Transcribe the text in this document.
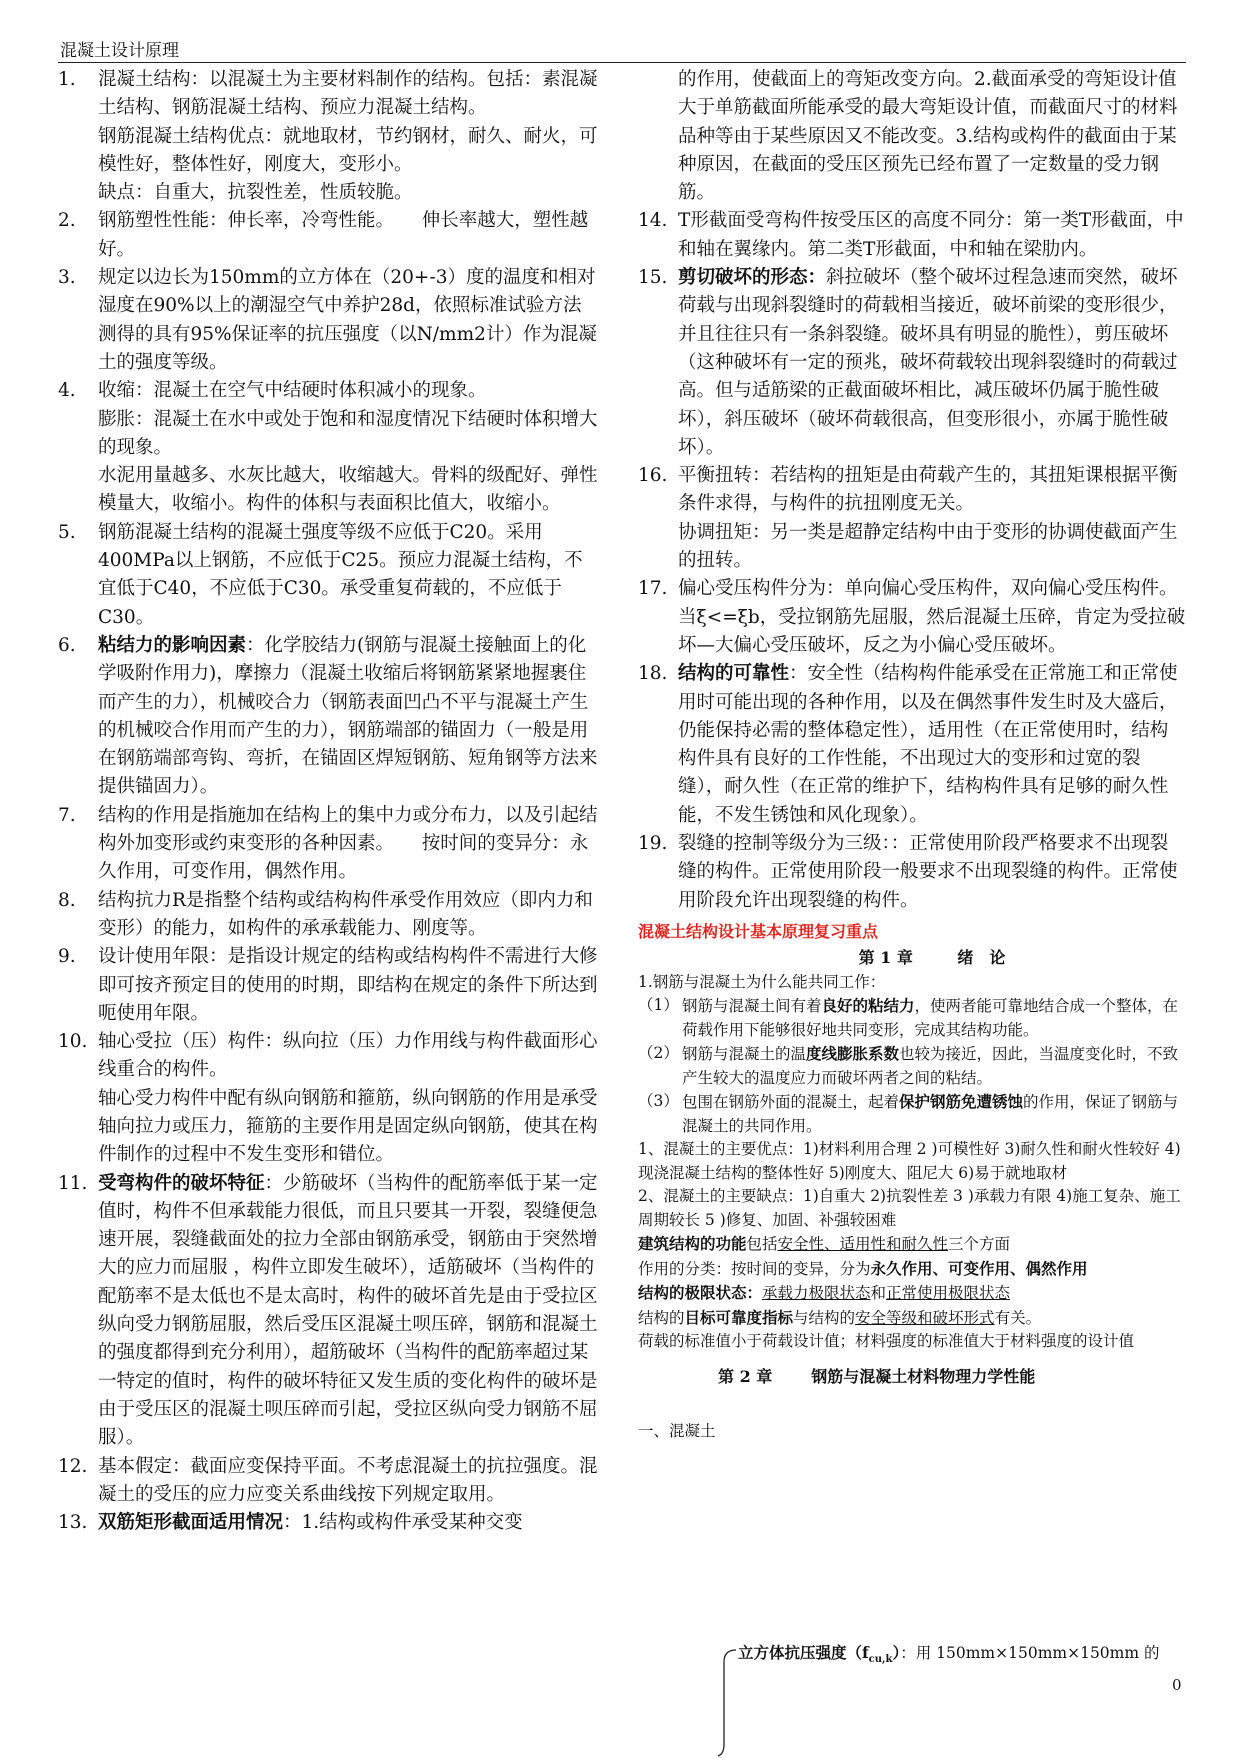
混凝土设计原理
1.	混凝土结构：以混凝土为主要材料制作的结构。包括：素混凝土结构、钢筋混凝土结构、预应力混凝土结构。

钢筋混凝土结构优点：就地取材，节约钢材，耐久、耐火，可模性好，整体性好，刚度大，变形小。

缺点：自重大，抗裂性差，性质较脆。

2.	钢筋塑性性能：伸长率，冷弯性能。　　伸长率越大，塑性越好。

3.	规定以边长为150mm的立方体在（20+-3）度的温度和相对湿度在90%以上的潮湿空气中养护28d，依照标准试验方法测得的具有95%保证率的抗压强度（以N/mm2计）作为混凝土的强度等级。

4.	收缩：混凝土在空气中结硬时体积减小的现象。

膨胀：混凝土在水中或处于饱和和湿度情况下结硬时体积增大的现象。

水泥用量越多、水灰比越大，收缩越大。骨料的级配好、弹性模量大，收缩小。构件的体积与表面积比值大，收缩小。

5.	钢筋混凝土结构的混凝土强度等级不应低于C20。采用400MPa以上钢筋，不应低于C25。预应力混凝土结构，不宜低于C40，不应低于C30。承受重复荷载的，不应低于C30。

6.	粘结力的影响因素：化学胶结力(钢筋与混凝土接触面上的化学吸附作用力)，摩擦力（混凝土收缩后将钢筋紧紧地握裹住而产生的力），机械咬合力（钢筋表面凹凸不平与混凝土产生的机械咬合作用而产生的力），钢筋端部的锚固力（一般是用在钢筋端部弯钩、弯折，在锚固区焊短钢筋、短角钢等方法来提供锚固力）。

7.	结构的作用是指施加在结构上的集中力或分布力，以及引起结构外加变形或约束变形的各种因素。　　按时间的变异分：永久作用，可变作用，偶然作用。

8.	结构抗力R是指整个结构或结构构件承受作用效应（即内力和变形）的能力，如构件的承承载能力、刚度等。

9.	设计使用年限：是指设计规定的结构或结构构件不需进行大修即可按齐预定目的使用的时期，即结构在规定的条件下所达到呃使用年限。

10. 轴心受拉（压）构件：纵向拉（压）力作用线与构件截面形心线重合的构件。

轴心受力构件中配有纵向钢筋和箍筋，纵向钢筋的作用是承受轴向拉力或压力，箍筋的主要作用是固定纵向钢筋，使其在构件制作的过程中不发生变形和错位。

11. 受弯构件的破坏特征：少筋破坏（当构件的配筋率低于某一定值时，构件不但承载能力很低，而且只要其一开裂，裂缝便急速开展，裂缝截面处的拉力全部由钢筋承受，钢筋由于突然增大的应力而屈服 ，构件立即发生破坏），适筋破坏（当构件的配筋率不是太低也不是太高时，构件的破坏首先是由于受拉区纵向受力钢筋屈服，然后受压区混凝土呗压碎，钢筋和混凝土的强度都得到充分利用），超筋破坏（当构件的配筋率超过某一特定的值时，构件的破坏特征又发生质的变化构件的破坏是由于受压区的混凝土呗压碎而引起，受拉区纵向受力钢筋不屈服）。

12. 基本假定：截面应变保持平面。不考虑混凝土的抗拉强度。混凝土的受压的应力应变关系曲线按下列规定取用。

13. 双筋矩形截面适用情况：1.结构或构件承受某种交变

的作用，使截面上的弯矩改变方向。2.截面承受的弯矩设计值大于单筋截面所能承受的最大弯矩设计值，而截面尺寸的材料品种等由于某些原因又不能改变。3.结构或构件的截面由于某种原因，在截面的受压区预先已经布置了一定数量的受力钢筋。
14. T形截面受弯构件按受压区的高度不同分：第一类T形截面，中和轴在翼缘内。第二类T形截面，中和轴在梁肋内。

15. 剪切破坏的形态：斜拉破坏（整个破坏过程急速而突然，破坏荷载与出现斜裂缝时的荷载相当接近，破坏前梁的变形很少，并且往往只有一条斜裂缝。破坏具有明显的脆性），剪压破坏（这种破坏有一定的预兆，破坏荷载较出现斜裂缝时的荷载过高。但与适筋梁的正截面破坏相比，减压破坏仍属于脆性破坏），斜压破坏（破坏荷载很高，但变形很小，亦属于脆性破坏）。

16. 平衡扭转：若结构的扭矩是由荷载产生的，其扭矩课根据平衡条件求得，与构件的抗扭刚度无关。

协调扭矩：另一类是超静定结构中由于变形的协调使截面产生的扭转。

17. 偏心受压构件分为：单向偏心受压构件，双向偏心受压构件。

当ξ<=ξb，受拉钢筋先屈服，然后混凝土压碎，肯定为受拉破坏—大偏心受压破坏，反之为小偏心受压破坏。

18. 结构的可靠性：安全性（结构构件能承受在正常施工和正常使用时可能出现的各种作用，以及在偶然事件发生时及大盛后，仍能保持必需的整体稳定性），适用性（在正常使用时，结构构件具有良好的工作性能，不出现过大的变形和过宽的裂缝），耐久性（在正常的维护下，结构构件具有足够的耐久性能，不发生锈蚀和风化现象）。

19. 裂缝的控制等级分为三级：：正常使用阶段严格要求不出现裂缝的构件。正常使用阶段一般要求不出现裂缝的构件。正常使用阶段允许出现裂缝的构件。

混凝土结构设计基本原理复习重点
第 1 章	绪　论
1.钢筋与混凝土为什么能共同工作：
（1） 钢筋与混凝土间有着良好的粘结力，使两者能可靠地结合成一个整体，在荷载作用下能够很好地共同变形，完成其结构功能。
（2） 钢筋与混凝土的温度线膨胀系数也较为接近，因此，当温度变化时，不致产生较大的温度应力而破坏两者之间的粘结。
（3） 包围在钢筋外面的混凝土，起着保护钢筋免遭锈蚀的作用，保证了钢筋与混凝土的共同作用。
1、混凝土的主要优点：1)材料利用合理 2 )可模性好 3)耐久性和耐火性较好 4)现浇混凝土结构的整体性好 5)刚度大、阻尼大 6)易于就地取材
2、混凝土的主要缺点：1)自重大 2)抗裂性差 3 )承载力有限 4)施工复杂、施工周期较长 5 )修复、加固、补强较困难
建筑结构的功能包括安全性、适用性和耐久性三个方面
作用的分类：按时间的变异，分为永久作用、可变作用、偶然作用
结构的极限状态：承载力极限状态和正常使用极限状态
结构的目标可靠度指标与结构的安全等级和破坏形式有关。
荷载的标准值小于荷载设计值；材料强度的标准值大于材料强度的设计值
第 2 章 钢筋与混凝土材料物理力学性能
一、混凝土
立方体抗压强度$(f_{cu,k})$：用 150mm×150mm×150mm 的
0
